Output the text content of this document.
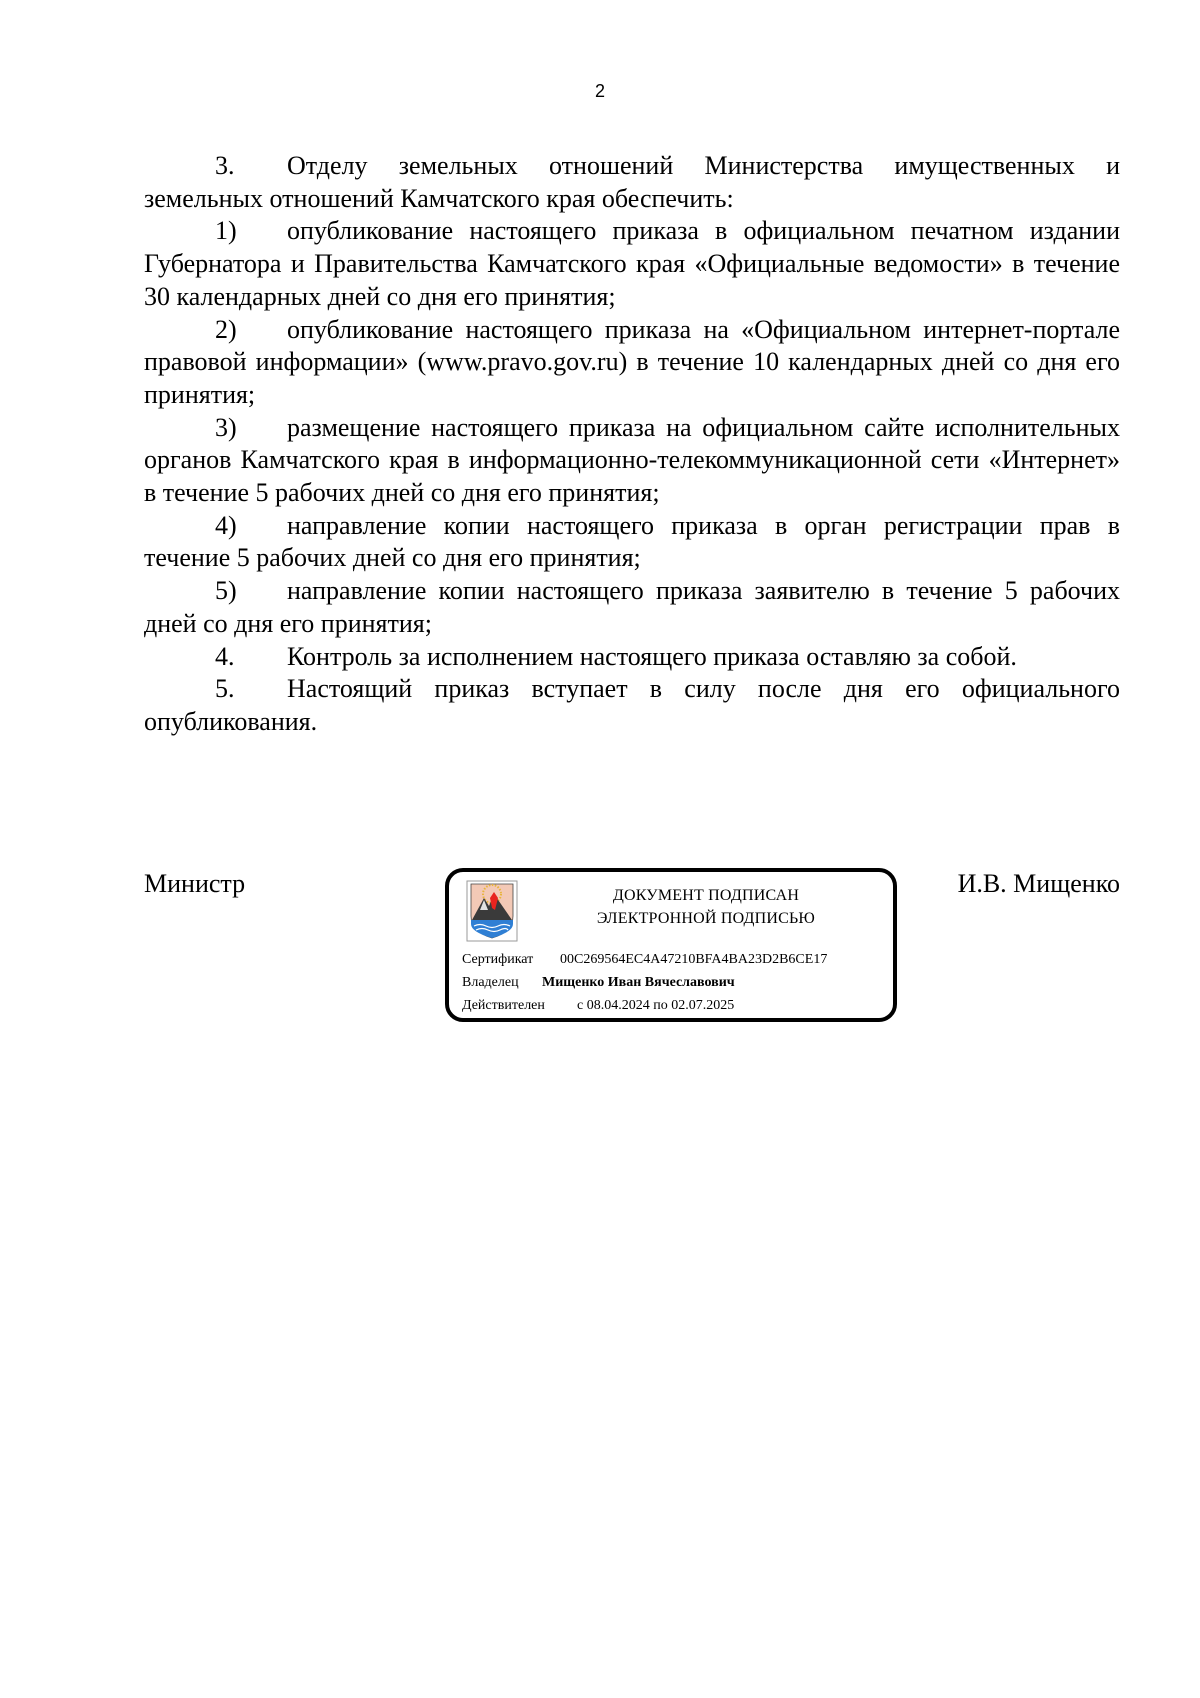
2

3. Отделу земельных отношений Министерства имущественных и земельных отношений Камчатского края обеспечить:

1) опубликование настоящего приказа в официальном печатном издании Губернатора и Правительства Камчатского края «Официальные ведомости» в течение 30 календарных дней со дня его принятия;

2) опубликование настоящего приказа на «Официальном интернет-портале правовой информации» (www.pravo.gov.ru) в течение 10 календарных дней со дня его принятия;

3) размещение настоящего приказа на официальном сайте исполнительных органов Камчатского края в информационно-телекоммуникационной сети «Интернет» в течение 5 рабочих дней со дня его принятия;

4) направление копии настоящего приказа в орган регистрации прав в течение 5 рабочих дней со дня его принятия;

5) направление копии настоящего приказа заявителю в течение 5 рабочих дней со дня его принятия;

4. Контроль за исполнением настоящего приказа оставляю за собой.

5. Настоящий приказ вступает в силу после дня его официального опубликования.

Министр	ДОКУМЕНТ ПОДПИСАН
ЭЛЕКТРОННОЙ ПОДПИСЬЮ
Сертификат 00C269564EC4A47210BFA4BA23D2B6CE17
Владелец Мищенко Иван Вячеславович
Действителен с 08.04.2024 по 02.07.2025
И.В. Мищенко
